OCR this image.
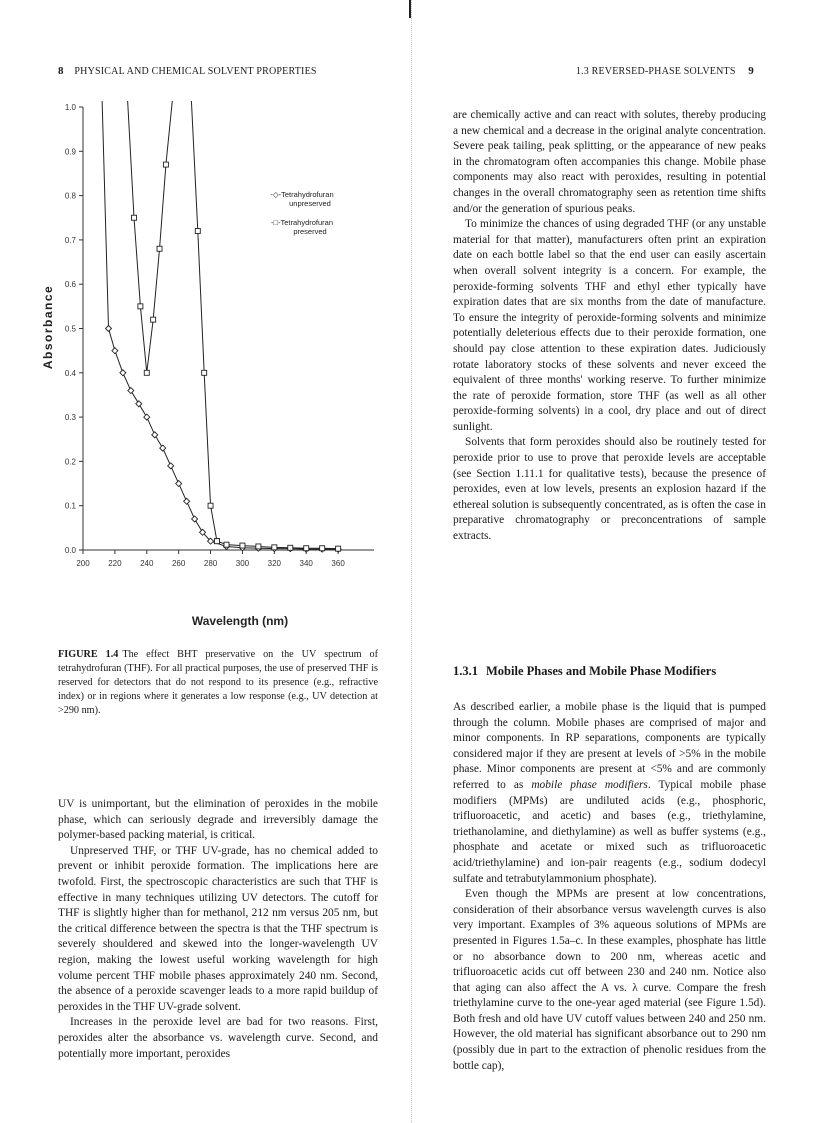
8 PHYSICAL AND CHEMICAL SOLVENT PROPERTIES	1.3 REVERSED-PHASE SOLVENTS 9
0.0
0.1
0.2
0.3
0.4
0.5
0.6
0.7
0.8
0.9
1.0
200 220 240 260 280 300 320 340 360
-◇-Tetrahydrofuran
unpreserved
-□-Tetrahydrofuran
preserved
Absorbance
Wavelength (nm)
FIGURE 1.4 The effect BHT preservative on the UV spectrum of tetrahydrofuran (THF). For all practical purposes, the use of preserved THF is reserved for detectors that do not respond to its presence (e.g., refractive index) or in regions where it generates a low response (e.g., UV detection at >290 nm).

UV is unimportant, but the elimination of peroxides in the mobile phase, which can seriously degrade and irreversibly damage the polymer-based packing material, is critical.

Unpreserved THF, or THF UV-grade, has no chemical added to prevent or inhibit peroxide formation. The implications here are twofold. First, the spectroscopic characteristics are such that THF is effective in many techniques utilizing UV detectors. The cutoff for THF is slightly higher than for methanol, 212 nm versus 205 nm, but the critical difference between the spectra is that the THF spectrum is severely shouldered and skewed into the longer-wavelength UV region, making the lowest useful working wavelength for high volume percent THF mobile phases approximately 240 nm. Second, the absence of a peroxide scavenger leads to a more rapid buildup of peroxides in the THF UV-grade solvent.

Increases in the peroxide level are bad for two reasons. First, peroxides alter the absorbance vs. wavelength curve. Second, and potentially more important, peroxides

are chemically active and can react with solutes, thereby producing a new chemical and a decrease in the original analyte concentration. Severe peak tailing, peak splitting, or the appearance of new peaks in the chromatogram often accompanies this change. Mobile phase components may also react with peroxides, resulting in potential changes in the overall chromatography seen as retention time shifts and/or the generation of spurious peaks.

To minimize the chances of using degraded THF (or any unstable material for that matter), manufacturers often print an expiration date on each bottle label so that the end user can easily ascertain when overall solvent integrity is a concern. For example, the peroxide-forming solvents THF and ethyl ether typically have expiration dates that are six months from the date of manufacture. To ensure the integrity of peroxide-forming solvents and minimize potentially deleterious effects due to their peroxide formation, one should pay close attention to these expiration dates. Judiciously rotate laboratory stocks of these solvents and never exceed the equivalent of three months' working reserve. To further minimize the rate of peroxide formation, store THF (as well as all other peroxide-forming solvents) in a cool, dry place and out of direct sunlight.

Solvents that form peroxides should also be routinely tested for peroxide prior to use to prove that peroxide levels are acceptable (see Section 1.11.1 for qualitative tests), because the presence of peroxides, even at low levels, presents an explosion hazard if the ethereal solution is subsequently concentrated, as is often the case in preparative chromatography or preconcentrations of sample extracts.

1.3.1 Mobile Phases and Mobile Phase Modifiers

As described earlier, a mobile phase is the liquid that is pumped through the column. Mobile phases are comprised of major and minor components. In RP separations, components are typically considered major if they are present at levels of >5% in the mobile phase. Minor components are present at <5% and are commonly referred to as mobile phase modifiers. Typical mobile phase modifiers (MPMs) are undiluted acids (e.g., phosphoric, trifluoroacetic, and acetic) and bases (e.g., triethylamine, triethanolamine, and diethylamine) as well as buffer systems (e.g., phosphate and acetate or mixed such as trifluoroacetic acid/triethylamine) and ion-pair reagents (e.g., sodium dodecyl sulfate and tetrabutylammonium phosphate).

Even though the MPMs are present at low concentrations, consideration of their absorbance versus wavelength curves is also very important. Examples of 3% aqueous solutions of MPMs are presented in Figures 1.5a–c. In these examples, phosphate has little or no absorbance down to 200 nm, whereas acetic and trifluoroacetic acids cut off between 230 and 240 nm. Notice also that aging can also affect the A vs. λ curve. Compare the fresh triethylamine curve to the one-year aged material (see Figure 1.5d). Both fresh and old have UV cutoff values between 240 and 250 nm. However, the old material has significant absorbance out to 290 nm (possibly due in part to the extraction of phenolic residues from the bottle cap),
